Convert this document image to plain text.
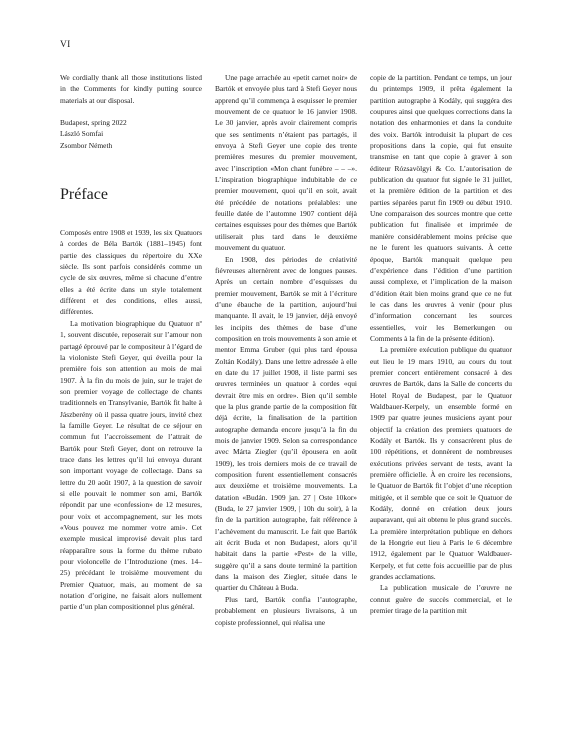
VI

We cordially thank all those institutions listed in the Comments for kindly putting source materials at our disposal.

Budapest, spring 2022
László Somfai
Zsombor Németh
Préface

Composés entre 1908 et 1939, les six Quatuors à cordes de Béla Bartók (1881–1945) font partie des classiques du répertoire du XXe siècle. Ils sont parfois considérés comme un cycle de six œuvres, même si chacune d’entre elles a été écrite dans un style totalement différent et des conditions, elles aussi, différentes.

La motivation biographique du Quatuor nº 1, souvent discutée, reposerait sur l’amour non partagé éprouvé par le compositeur à l’égard de la violoniste Stefi Geyer, qui éveilla pour la première fois son attention au mois de mai 1907. À la fin du mois de juin, sur le trajet de son premier voyage de collectage de chants traditionnels en Transylvanie, Bartók fit halte à Jászberény où il passa quatre jours, invité chez la famille Geyer. Le résultat de ce séjour en commun fut l’accroissement de l’attrait de Bartók pour Stefi Geyer, dont on retrouve la trace dans les lettres qu’il lui envoya durant son important voyage de collectage. Dans sa lettre du 20 août 1907, à la question de savoir si elle pouvait le nommer son ami, Bartók répondit par une «confession» de 12 mesures, pour voix et accompagnement, sur les mots «Vous pouvez me nommer votre ami». Cet exemple musical improvisé devait plus tard réapparaître sous la forme du thème rubato pour violoncelle de l’Introduzione (mes. 14–25) précédant le troisième mouvement du Premier Quatuor, mais, au moment de sa notation d’origine, ne faisait alors nullement partie d’un plan compositionnel plus général.

Une page arrachée au «petit carnet noir» de Bartók et envoyée plus tard à Stefi Geyer nous apprend qu’il commença à esquisser le premier mouvement de ce quatuor le 16 janvier 1908. Le 30 janvier, après avoir clairement compris que ses sentiments n’étaient pas partagés, il envoya à Stefi Geyer une copie des trente premières mesures du premier mouvement, avec l’inscription «Mon chant funèbre – – –». L’inspiration biographique indubitable de ce premier mouvement, quoi qu’il en soit, avait été précédée de notations préalables: une feuille datée de l’automne 1907 contient déjà certaines esquisses pour des thèmes que Bartók utiliserait plus tard dans le deuxième mouvement du quatuor.

En 1908, des périodes de créativité fiévreuses alternèrent avec de longues pauses. Après un certain nombre d’esquisses du premier mouvement, Bartók se mit à l’écriture d’une ébauche de la partition, aujourd’hui manquante. Il avait, le 19 janvier, déjà envoyé les incipits des thèmes de base d’une composition en trois mouvements à son amie et mentor Emma Gruber (qui plus tard épousa Zoltán Kodály). Dans une lettre adressée à elle en date du 17 juillet 1908, il liste parmi ses œuvres terminées un quatuor à cordes «qui devrait être mis en ordre». Bien qu’il semble que la plus grande partie de la composition fût déjà écrite, la finalisation de la partition autographe demanda encore jusqu’à la fin du mois de janvier 1909. Selon sa correspondance avec Márta Ziegler (qu’il épousera en août 1909), les trois derniers mois de ce travail de composition furent essentiellement consacrés aux deuxième et troisième mouvements. La datation «Budán. 1909 jan. 27 | Oste 10kor» (Buda, le 27 janvier 1909, | 10h du soir), à la fin de la partition autographe, fait référence à l’achèvement du manuscrit. Le fait que Bartók ait écrit Buda et non Budapest, alors qu’il habitait dans la partie «Pest» de la ville, suggère qu’il a sans doute terminé la partition dans la maison des Ziegler, située dans le quartier du Château à Buda.

Plus tard, Bartók confia l’autographe, probablement en plusieurs livraisons, à un copiste professionnel, qui réalisa une

copie de la partition. Pendant ce temps, un jour du printemps 1909, il prêta également la partition autographe à Kodály, qui suggéra des coupures ainsi que quelques corrections dans la notation des enharmonies et dans la conduite des voix. Bartók introduisit la plupart de ces propositions dans la copie, qui fut ensuite transmise en tant que copie à graver à son éditeur Rózsavölgyi & Co. L’autorisation de publication du quatuor fut signée le 31 juillet, et la première édition de la partition et des parties séparées parut fin 1909 ou début 1910. Une comparaison des sources montre que cette publication fut finalisée et imprimée de manière considérablement moins précise que ne le furent les quatuors suivants. À cette époque, Bartók manquait quelque peu d’expérience dans l’édition d’une partition aussi complexe, et l’implication de la maison d’édition était bien moins grand que ce ne fut le cas dans les œuvres à venir (pour plus d’information concernant les sources essentielles, voir les Bemerkungen ou Comments à la fin de la présente édition).

La première exécution publique du quatuor eut lieu le 19 mars 1910, au cours du tout premier concert entièrement consacré à des œuvres de Bartók, dans la Salle de concerts du Hotel Royal de Budapest, par le Quatuor Waldbauer-Kerpely, un ensemble formé en 1909 par quatre jeunes musiciens ayant pour objectif la création des premiers quatuors de Kodály et Bartók. Ils y consacrèrent plus de 100 répétitions, et donnèrent de nombreuses exécutions privées servant de tests, avant la première officielle. À en croire les recensions, le Quatuor de Bartók fit l’objet d’une réception mitigée, et il semble que ce soit le Quatuor de Kodály, donné en création deux jours auparavant, qui ait obtenu le plus grand succès. La première interprétation publique en dehors de la Hongrie eut lieu à Paris le 6 décembre 1912, également par le Quatuor Waldbauer-Kerpely, et fut cette fois accueillie par de plus grandes acclamations.

La publication musicale de l’œuvre ne connut guère de succès commercial, et le premier tirage de la partition mit
